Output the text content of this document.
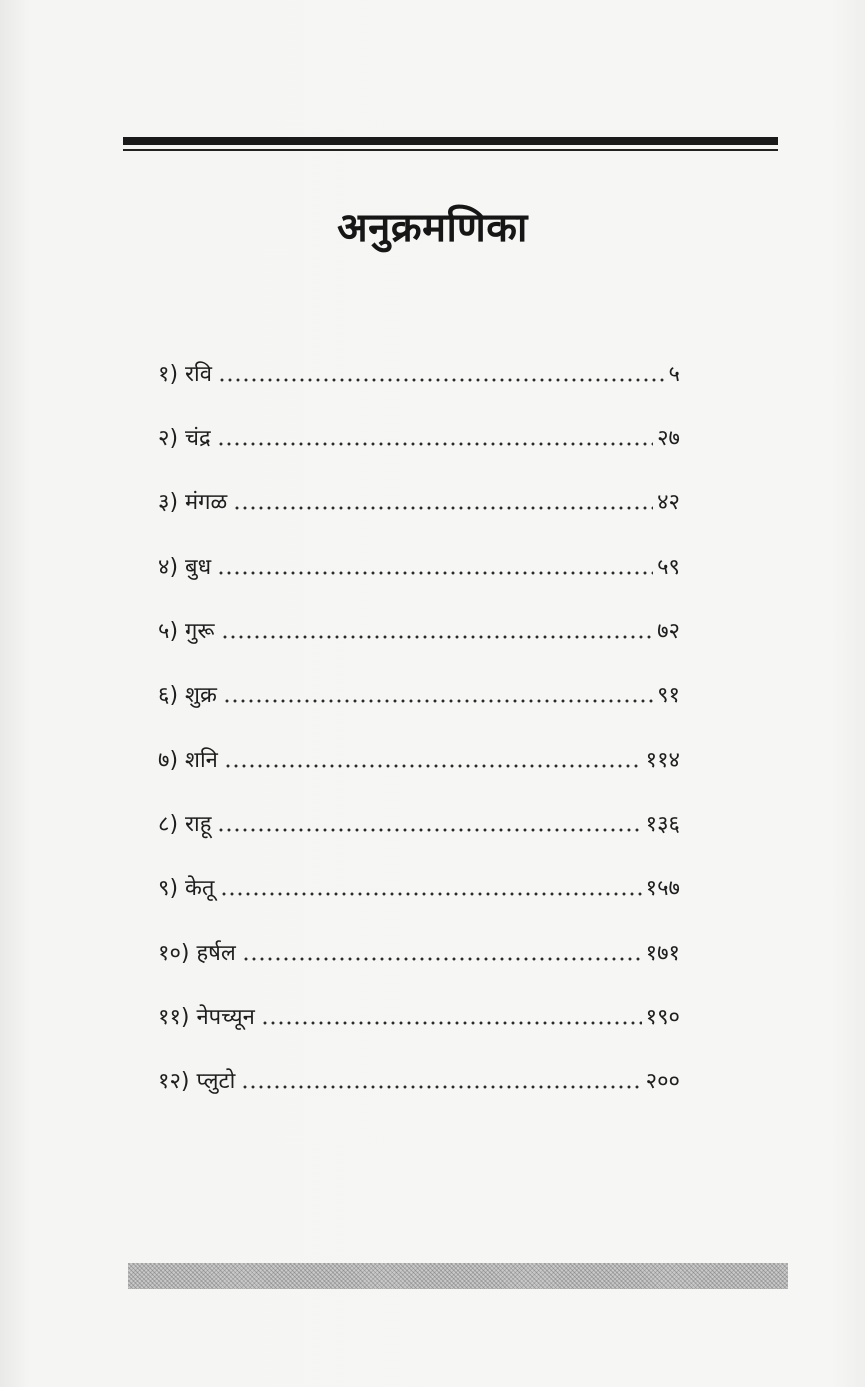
अनुक्रमणिका
१) रवि	५
२) चंद्र	२७
३) मंगळ	४२
४) बुध	५९
५) गुरू	७२
६) शुक्र	९१
७) शनि	११४
८) राहू	१३६
९) केतू	१५७
१०) हर्षल	१७१
११) नेपच्यून	१९०
१२) प्लुटो	२००
